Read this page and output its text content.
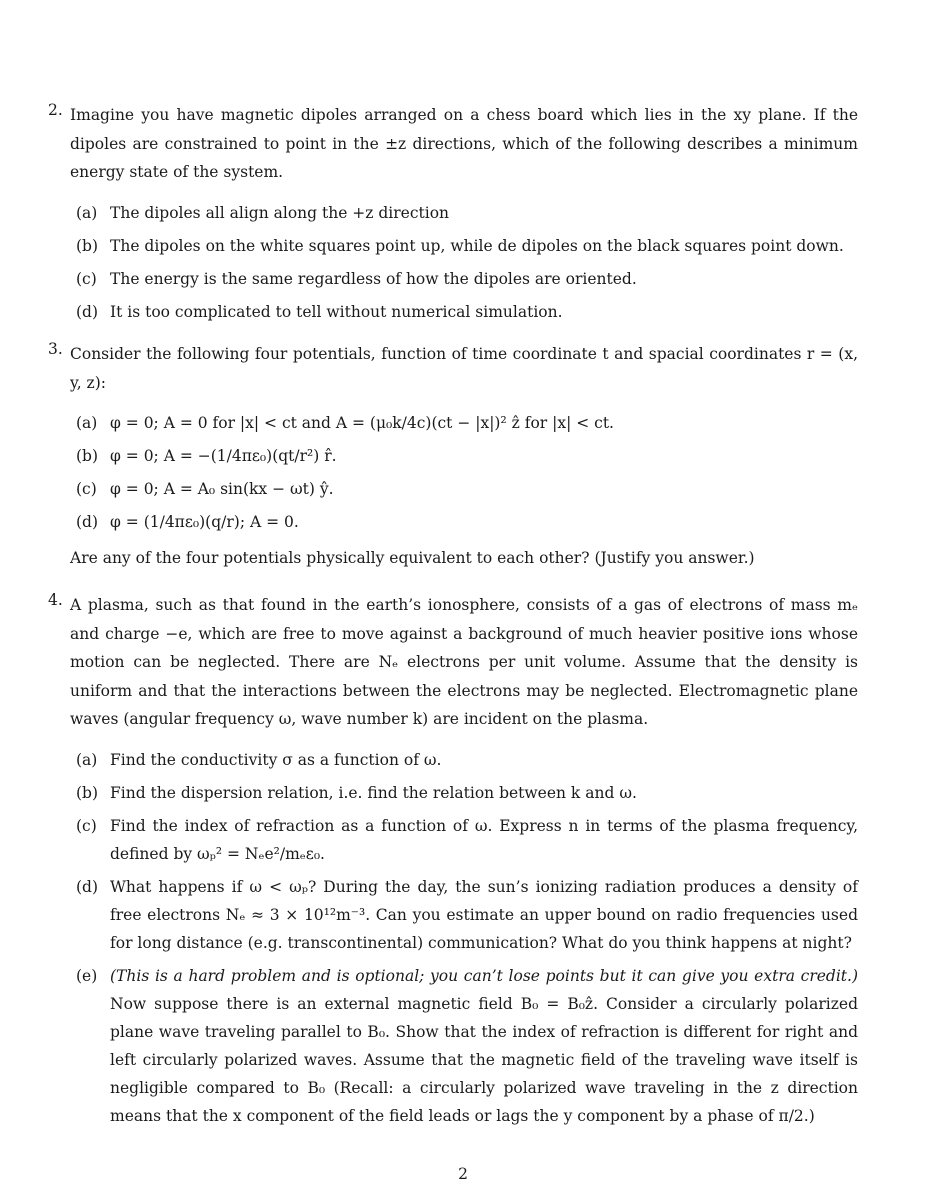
2. Imagine you have magnetic dipoles arranged on a chess board which lies in the xy plane. If the dipoles are constrained to point in the ±z directions, which of the following describes a minimum energy state of the system.
(a) The dipoles all align along the +z direction
(b) The dipoles on the white squares point up, while de dipoles on the black squares point down.
(c) The energy is the same regardless of how the dipoles are oriented.
(d) It is too complicated to tell without numerical simulation.
3. Consider the following four potentials, function of time coordinate t and spacial coordinates r = (x, y, z):
(a) φ = 0; A = 0 for |x| < ct and A = (μ₀k/4c)(ct − |x|)² ẑ for |x| < ct.
(b) φ = 0; A = −(1/4πε₀)(qt/r²) r̂.
(c) φ = 0; A = A₀ sin(kx − ωt) ŷ.
(d) φ = (1/4πε₀)(q/r); A = 0.
Are any of the four potentials physically equivalent to each other? (Justify you answer.)
4. A plasma, such as that found in the earth’s ionosphere, consists of a gas of electrons of mass mₑ and charge −e, which are free to move against a background of much heavier positive ions whose motion can be neglected. There are Nₑ electrons per unit volume. Assume that the density is uniform and that the interactions between the electrons may be neglected. Electromagnetic plane waves (angular frequency ω, wave number k) are incident on the plasma.
(a) Find the conductivity σ as a function of ω.
(b) Find the dispersion relation, i.e. find the relation between k and ω.
(c) Find the index of refraction as a function of ω. Express n in terms of the plasma frequency, defined by ωₚ² = Nₑe²/mₑε₀.
(d) What happens if ω < ωₚ? During the day, the sun’s ionizing radiation produces a density of free electrons Nₑ ≈ 3 × 10¹²m⁻³. Can you estimate an upper bound on radio frequencies used for long distance (e.g. transcontinental) communication? What do you think happens at night?
(e) (This is a hard problem and is optional; you can’t lose points but it can give you extra credit.) Now suppose there is an external magnetic field B₀ = B₀ẑ. Consider a circularly polarized plane wave traveling parallel to B₀. Show that the index of refraction is different for right and left circularly polarized waves. Assume that the magnetic field of the traveling wave itself is negligible compared to B₀ (Recall: a circularly polarized wave traveling in the z direction means that the x component of the field leads or lags the y component by a phase of π/2.)
2
